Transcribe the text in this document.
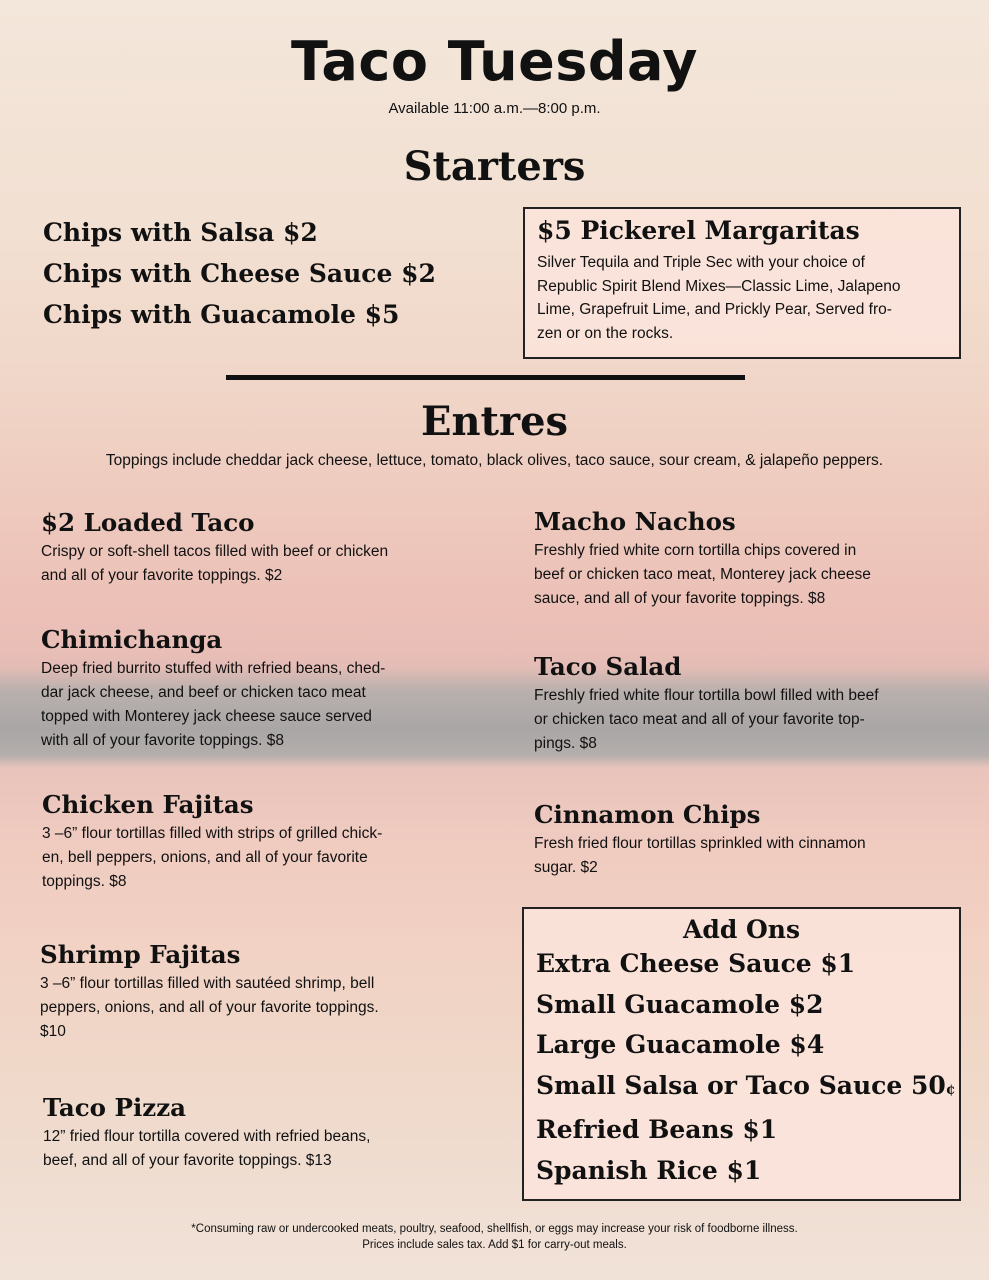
Taco Tuesday
Available 11:00 a.m.—8:00 p.m.
Starters
Chips with Salsa $2
Chips with Cheese Sauce $2
Chips with Guacamole $5
$5 Pickerel Margaritas
Silver Tequila and Triple Sec with your choice of
Republic Spirit Blend Mixes—Classic Lime, Jalapeno
Lime, Grapefruit Lime, and Prickly Pear, Served fro-
zen or on the rocks.
Entres
Toppings include cheddar jack cheese, lettuce, tomato, black olives, taco sauce, sour cream, & jalapeño peppers.
$2 Loaded Taco
Crispy or soft-shell tacos filled with beef or chicken
and all of your favorite toppings. $2
Chimichanga
Deep fried burrito stuffed with refried beans, ched-
dar jack cheese, and beef or chicken taco meat
topped with Monterey jack cheese sauce served
with all of your favorite toppings. $8
Chicken Fajitas
3 –6” flour tortillas filled with strips of grilled chick-
en, bell peppers, onions, and all of your favorite
toppings. $8
Shrimp Fajitas
3 –6” flour tortillas filled with sautéed shrimp, bell
peppers, onions, and all of your favorite toppings.
$10
Taco Pizza
12” fried flour tortilla covered with refried beans,
beef, and all of your favorite toppings. $13
Macho Nachos
Freshly fried white corn tortilla chips covered in
beef or chicken taco meat, Monterey jack cheese
sauce, and all of your favorite toppings. $8
Taco Salad
Freshly fried white flour tortilla bowl filled with beef
or chicken taco meat and all of your favorite top-
pings. $8
Cinnamon Chips
Fresh fried flour tortillas sprinkled with cinnamon
sugar. $2
Add Ons
Extra Cheese Sauce $1
Small Guacamole $2
Large Guacamole $4
Small Salsa or Taco Sauce 50¢
Refried Beans $1
Spanish Rice $1
*Consuming raw or undercooked meats, poultry, seafood, shellfish, or eggs may increase your risk of foodborne illness.
Prices include sales tax. Add $1 for carry-out meals.
